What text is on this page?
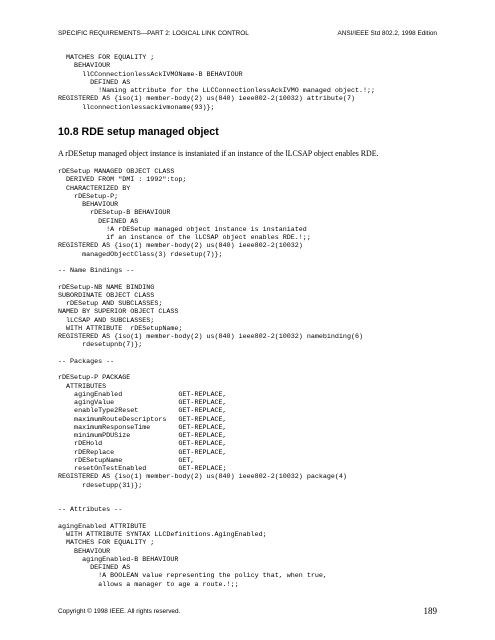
SPECIFIC REQUIREMENTS—PART 2: LOGICAL LINK CONTROL	ANSI/IEEE Std 802.2, 1998 Edition
MATCHES FOR EQUALITY ;
BEHAVIOUR
llCConnectionlessAckIVMOName-B BEHAVIOUR
DEFINED AS
!Naming attribute for the LLCConnectionlessAckIVMO managed object.!;;
REGISTERED AS {iso(1) member-body(2) us(840) ieee802-2(10032) attribute(7)
llconnectionlessackivmoname(93)};
10.8 RDE setup managed object
A rDESetup managed object instance is instaniated if an instance of the lLCSAP object enables RDE.
rDESetup MANAGED OBJECT CLASS
DERIVED FROM "DMI : 1992":top;
CHARACTERIZED BY
rDESetup-P;
BEHAVIOUR
rDESetup-B BEHAVIOUR
DEFINED AS
!A rDESetup managed object instance is instaniated
if an instance of the lLCSAP object enables RDE.!;;
REGISTERED AS {iso(1) member-body(2) us(840) ieee802-2(10032)
managedObjectClass(3) rdesetup(7)};

-- Name Bindings --

rDESetup-NB NAME BINDING
SUBORDINATE OBJECT CLASS
rDESetup AND SUBCLASSES;
NAMED BY SUPERIOR OBJECT CLASS
lLCSAP AND SUBCLASSES;
WITH ATTRIBUTE  rDESetupName;
REGISTERED AS {iso(1) member-body(2) us(840) ieee802-2(10032) namebinding(6)
rdesetupnb(7)};

-- Packages --

rDESetup-P PACKAGE
ATTRIBUTES
agingEnabled              GET-REPLACE,
agingValue                GET-REPLACE,
enableType2Reset          GET-REPLACE,
maximumRouteDescriptors   GET-REPLACE,
maximumResponseTime       GET-REPLACE,
minimumPDUSize            GET-REPLACE,
rDEHold                   GET-REPLACE,
rDEReplace                GET-REPLACE,
rDESetupName              GET,
resetOnTestEnabled        GET-REPLACE;
REGISTERED AS {iso(1) member-body(2) us(840) ieee802-2(10032) package(4)
rdesetupp(31)};

-- Attributes --

agingEnabled ATTRIBUTE
WITH ATTRIBUTE SYNTAX LLCDefinitions.AgingEnabled;
MATCHES FOR EQUALITY ;
BEHAVIOUR
agingEnabled-B BEHAVIOUR
DEFINED AS
!A BOOLEAN value representing the policy that, when true,
allows a manager to age a route.!;;
Copyright © 1998 IEEE. All rights reserved.	189
